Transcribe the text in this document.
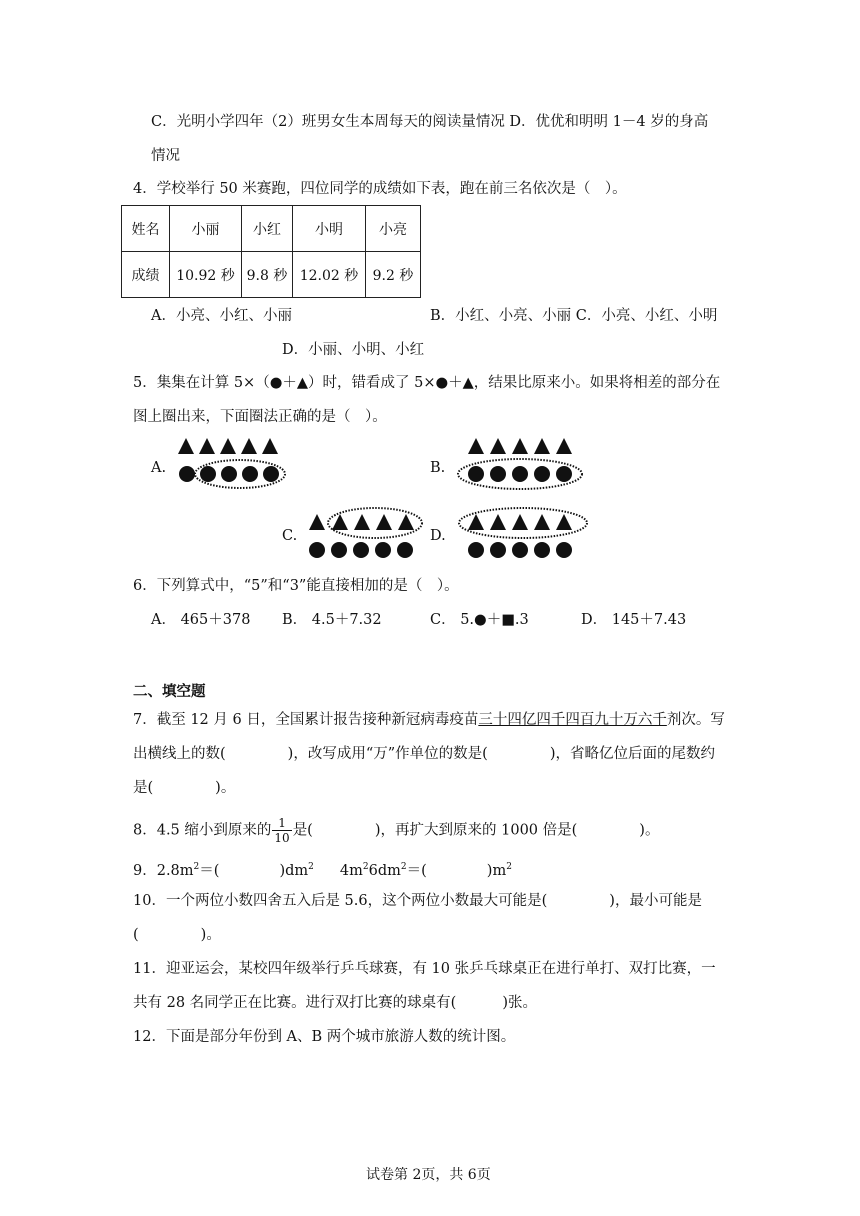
C．光明小学四年（2）班男女生本周每天的阅读量情况 D．优优和明明 1－4 岁的身高
情况
4．学校举行 50 米赛跑，四位同学的成绩如下表，跑在前三名依次是（　）。
姓名	小丽	小红	小明	小亮
成绩	10.92 秒	9.8 秒	12.02 秒	9.2 秒
A．小亮、小红、小丽	B．小红、小亮、小丽 C．小亮、小红、小明
D．小丽、小明、小红
5．集集在计算 5×（●＋▲）时，错看成了 5×●＋▲，结果比原来小。如果将相差的部分在
图上圈出来，下面圈法正确的是（　）。
A.	B.
C.	D.
6．下列算式中，“5”和“3”能直接相加的是（　）。
A． 465＋378 B． 4.5＋7.32	C． 5.●＋■.3	D． 145＋7.43
二、填空题
7．截至 12 月 6 日，全国累计报告接种新冠病毒疫苗三十四亿四千四百九十万六千剂次。写
出横线上的数(	)，改写成用“万”作单位的数是(	)，省略亿位后面的尾数约
是(	)。
8．4.5 缩小到原来的 $\frac{1}{10}$ 是(	)，再扩大到原来的 1000 倍是(	)。
9．$2.8m^2=$(	)$dm^2$ $4m^26dm^2=$(	)$m^2$
10．一个两位小数四舍五入后是 5.6，这个两位小数最大可能是(	)，最小可能是
(	)。
11．迎亚运会，某校四年级举行乒乓球赛，有 10 张乒乓球桌正在进行单打、双打比赛，一
共有 28 名同学正在比赛。进行双打比赛的球桌有(	)张。
12．下面是部分年份到 A、B 两个城市旅游人数的统计图。
试卷第 2页，共 6页
